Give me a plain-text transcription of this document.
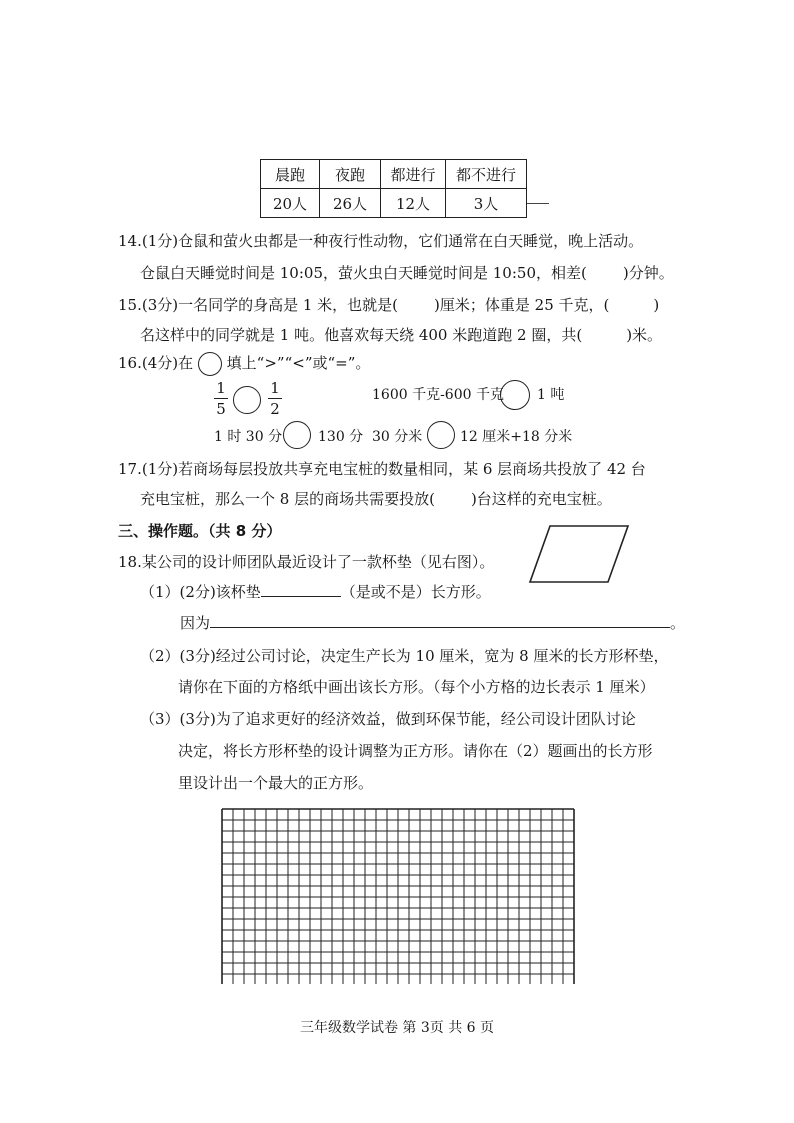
晨跑	夜跑	都进行	都不进行
20人	26人	12人	3人
14.(1分)仓鼠和萤火虫都是一种夜行性动物，它们通常在白天睡觉，晚上活动。
仓鼠白天睡觉时间是 10:05，萤火虫白天睡觉时间是 10:50，相差( )分钟。
15.(3分)一名同学的身高是 1 米，也就是( )厘米；体重是 25 千克，(	)
名这样中的同学就是 1 吨。他喜欢每天绕 400 米跑道跑 2 圈，共(	)米。
16.(4分)在 填上“>”“<”或“=”。
1
5
1
2
1600 千克-600 千克 1 吨
1 时 30 分	130 分 30 分米	12 厘米+18 分米
17.(1分)若商场每层投放共享充电宝桩的数量相同，某 6 层商场共投放了 42 台
充电宝桩，那么一个 8 层的商场共需要投放( )台这样的充电宝桩。
三、操作题。（共 8 分）
18.某公司的设计师团队最近设计了一款杯垫（见右图）。
（1）(2分)该杯垫	（是或不是）长方形。
因为	。
（2）(3分)经过公司讨论，决定生产长为 10 厘米，宽为 8 厘米的长方形杯垫，
请你在下面的方格纸中画出该长方形。（每个小方格的边长表示 1 厘米）
（3）(3分)为了追求更好的经济效益，做到环保节能，经公司设计团队讨论
决定，将长方形杯垫的设计调整为正方形。请你在（2）题画出的长方形
里设计出一个最大的正方形。
三年级数学试卷 第 3页 共 6 页
